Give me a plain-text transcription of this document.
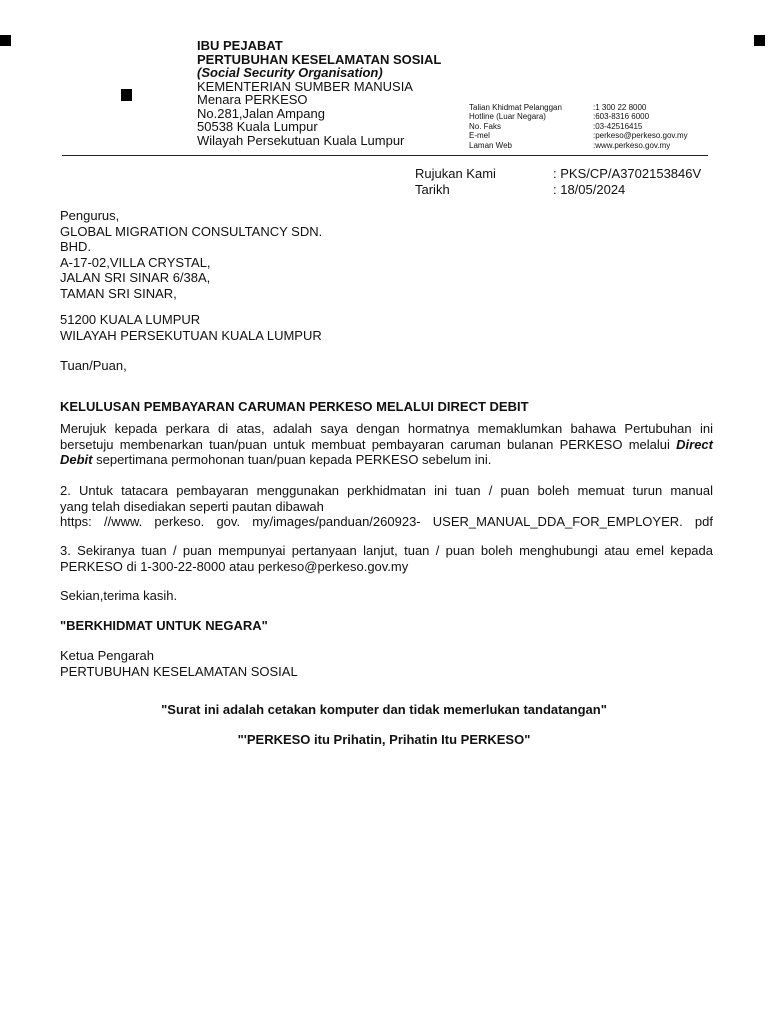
IBU PEJABAT
PERTUBUHAN KESELAMATAN SOSIAL
(Social Security Organisation)
KEMENTERIAN SUMBER MANUSIA
Menara PERKESO
No.281,Jalan Ampang
50538 Kuala Lumpur
Wilayah Persekutuan Kuala Lumpur
Talian Khidmat Pelanggan	:1 300 22 8000
Hotline (Luar Negara)	:603-8316 6000
No. Faks	:03-42516415
E-mel	:perkeso@perkeso.gov.my
Laman Web	:www.perkeso.gov.my
Rujukan Kami	: PKS/CP/A3702153846V
Tarikh	: 18/05/2024
Pengurus,
GLOBAL MIGRATION CONSULTANCY SDN.
BHD.
A-17-02,VILLA CRYSTAL,
JALAN SRI SINAR 6/38A,
TAMAN SRI SINAR,
51200 KUALA LUMPUR
WILAYAH PERSEKUTUAN KUALA LUMPUR
Tuan/Puan,
KELULUSAN PEMBAYARAN CARUMAN PERKESO MELALUI DIRECT DEBIT
Merujuk kepada perkara di atas, adalah saya dengan hormatnya memaklumkan bahawa Pertubuhan ini
bersetuju membenarkan tuan/puan untuk membuat pembayaran caruman bulanan PERKESO melalui Direct
Debit sepertimana permohonan tuan/puan kepada PERKESO sebelum ini.
2. Untuk tatacara pembayaran menggunakan perkhidmatan ini tuan / puan boleh memuat turun manual
yang telah disediakan seperti pautan dibawah
https: //www. perkeso. gov. my/images/panduan/260923- USER_MANUAL_DDA_FOR_EMPLOYER. pdf
3. Sekiranya tuan / puan mempunyai pertanyaan lanjut, tuan / puan boleh menghubungi atau emel kepada
PERKESO di 1-300-22-8000 atau perkeso@perkeso.gov.my
Sekian,terima kasih.
"BERKHIDMAT UNTUK NEGARA"
Ketua Pengarah
PERTUBUHAN KESELAMATAN SOSIAL
"Surat ini adalah cetakan komputer dan tidak memerlukan tandatangan"
"'PERKESO itu Prihatin, Prihatin Itu PERKESO"
